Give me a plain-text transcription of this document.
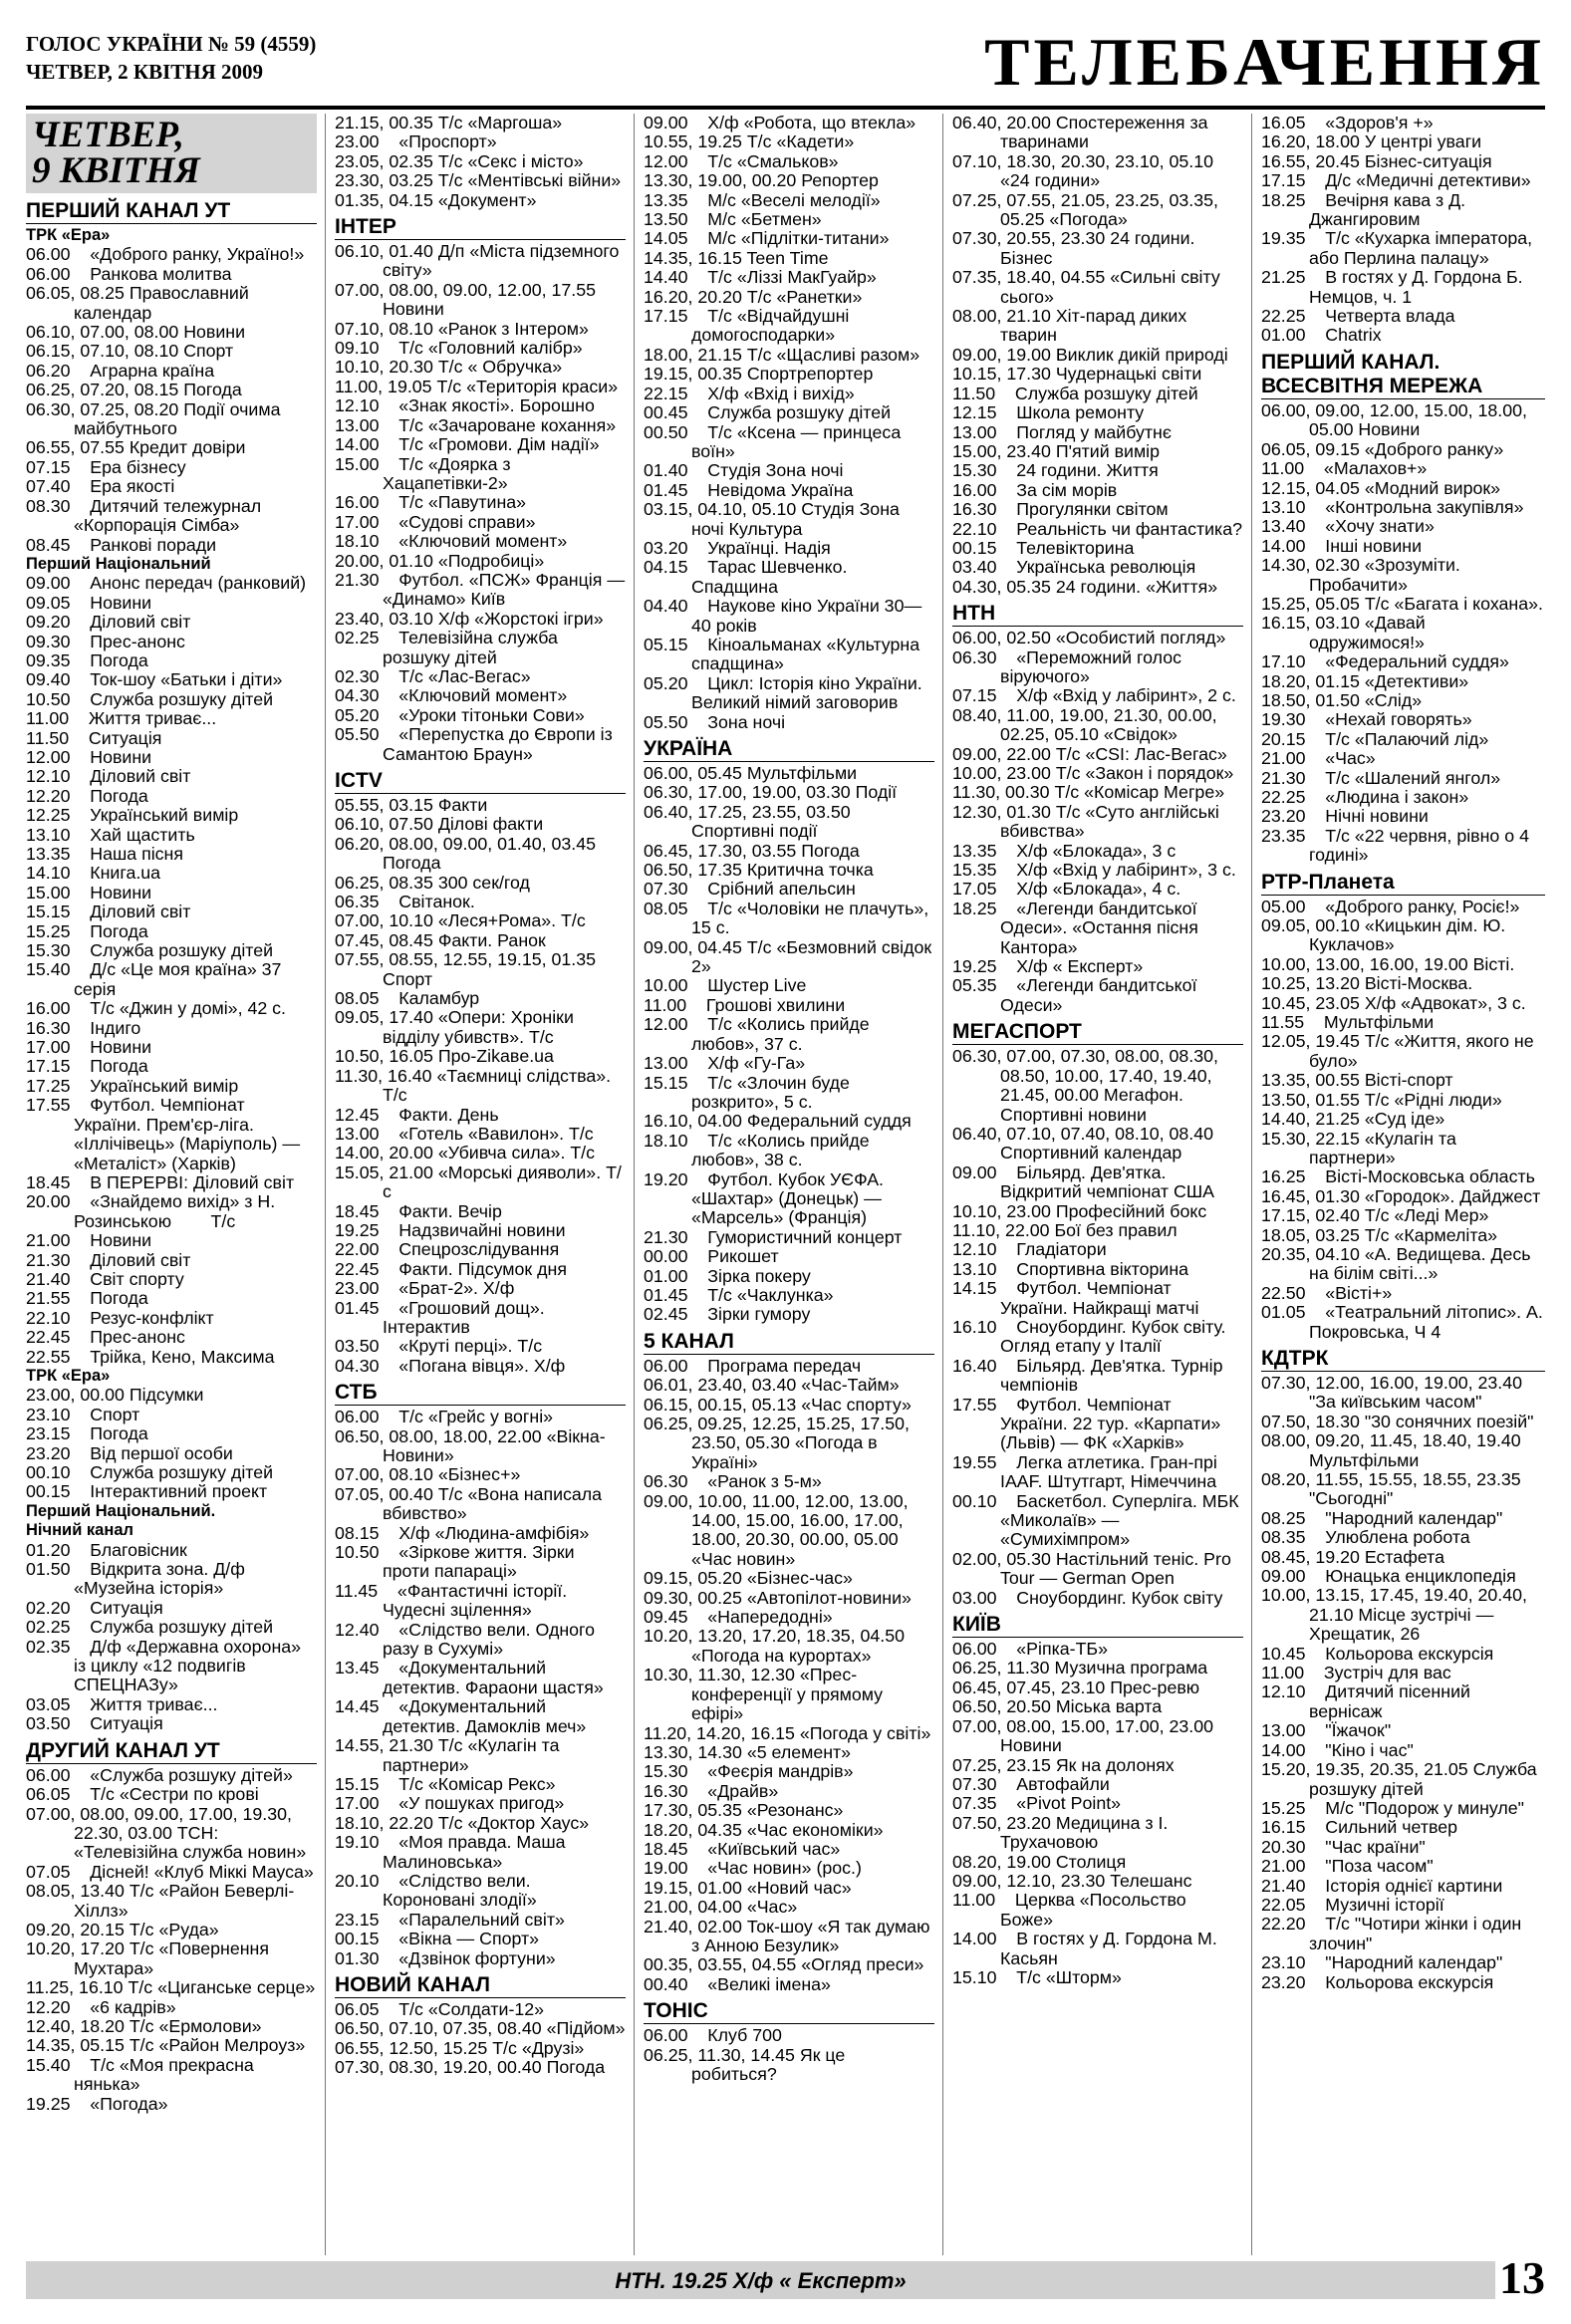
ГОЛОС УКРАЇНИ № 59 (4559)
ЧЕТВЕР, 2 КВІТНЯ 2009	ТЕЛЕБАЧЕННЯ
ЧЕТВЕР,
9 КВІТНЯ
ПЕРШИЙ КАНАЛ УТ
ТРК «Ера»
06.00    «Доброго ранку, Україно!»
06.00    Ранкова молитва
06.05, 08.25 Православний календар
06.10, 07.00, 08.00 Новини
06.15, 07.10, 08.10 Спорт
06.20    Аграрна країна
06.25, 07.20, 08.15 Погода
06.30, 07.25, 08.20 Події очима майбутнього
06.55, 07.55 Кредит довіри
07.15    Ера бізнесу
07.40    Ера якості
08.30    Дитячий тележурнал «Корпорація Сімба»
08.45    Ранкові поради
Перший Національний
09.00    Анонс передач (ранковий)
09.05    Новини
09.20    Діловий світ
09.30    Прес-анонс
09.35    Погода
09.40    Ток-шоу «Батьки і діти»
10.50    Служба розшуку дітей
11.00    Життя триває...
11.50    Ситуація
12.00    Новини
12.10    Діловий світ
12.20    Погода
12.25    Український вимір
13.10    Хай щастить
13.35    Наша пісня
14.10    Книга.ua
15.00    Новини
15.15    Діловий світ
15.25    Погода
15.30    Служба розшуку дітей
15.40    Д/с «Це моя країна» 37 серія
16.00    Т/с «Джин у домі», 42 с.
16.30    Індиго
17.00    Новини
17.15    Погода
17.25    Український вимір
17.55    Футбол. Чемпіонат України. Прем'єр-ліга. «Іллічівець» (Маріуполь) — «Металіст» (Харків)
18.45    В ПЕРЕРВІ: Діловий світ
20.00    «Знайдемо вихід» з Н. Розинською        Т/с
21.00    Новини
21.30    Діловий світ
21.40    Світ спорту
21.55    Погода
22.10    Резус-конфлікт
22.45    Прес-анонс
22.55    Трійка, Кено, Максима
ТРК «Ера»
23.00, 00.00 Підсумки
23.10    Спорт
23.15    Погода
23.20    Від першої особи
00.10    Служба розшуку дітей
00.15    Інтерактивний проект
Перший Національний.
Нічний канал
01.20    Благовісник
01.50    Відкрита зона. Д/ф «Музейна історія»
02.20    Ситуація
02.25    Служба розшуку дітей
02.35    Д/ф «Державна охорона» із циклу «12 подвигів СПЕЦНАЗу»
03.05    Життя триває...
03.50    Ситуація
ДРУГИЙ КАНАЛ УТ
06.00    «Служба розшуку дітей»
06.05    Т/с «Сестри по крові
07.00, 08.00, 09.00, 17.00, 19.30, 22.30, 03.00 ТСН: «Телевізійна служба новин»
07.05    Дісней! «Клуб Міккі Мауса»
08.05, 13.40 Т/с «Район Беверлі-Хіллз»
09.20, 20.15 Т/с «Руда»
10.20, 17.20 Т/с «Повернення Мухтара»
11.25, 16.10 Т/с «Циганське серце»
12.20    «6 кадрів»
12.40, 18.20 Т/с «Ермолови»
14.35, 05.15 Т/с «Район Мелроуз»
15.40    Т/с «Моя прекрасна нянька»
19.25    «Погода»
21.15, 00.35 Т/с «Маргоша»
23.00    «Проспорт»
23.05, 02.35 Т/с «Секс і місто»
23.30, 03.25 Т/с «Ментівські війни»
01.35, 04.15 «Документ»
ІНТЕР
06.10, 01.40 Д/п «Міста підземного світу»
07.00, 08.00, 09.00, 12.00, 17.55 Новини
07.10, 08.10 «Ранок з Інтером»
09.10    Т/с «Головний калібр»
10.10, 20.30 Т/с « Обручка»
11.00, 19.05 Т/с «Територія краси»
12.10    «Знак якості». Борошно
13.00    Т/с «Зачароване кохання»
14.00    Т/с «Громови. Дім надії»
15.00    Т/с «Доярка з Хацапетівки-2»
16.00    Т/с «Павутина»
17.00    «Судові справи»
18.10    «Ключовий момент»
20.00, 01.10 «Подробиці»
21.30    Футбол. «ПСЖ» Франція — «Динамо» Київ
23.40, 03.10 Х/ф «Жорстокі ігри»
02.25    Телевізійна служба розшуку дітей
02.30    Т/с «Лас-Вегас»
04.30    «Ключовий момент»
05.20    «Уроки тітоньки Сови»
05.50    «Перепустка до Європи із Самантою Браун»
ICTV
05.55, 03.15 Факти
06.10, 07.50 Ділові факти
06.20, 08.00, 09.00, 01.40, 03.45 Погода
06.25, 08.35 300 сек/год
06.35    Світанок.
07.00, 10.10 «Леся+Рома». Т/с
07.45, 08.45 Факти. Ранок
07.55, 08.55, 12.55, 19.15, 01.35 Спорт
08.05    Каламбур
09.05, 17.40 «Опери: Хроніки відділу убивств». Т/с
10.50, 16.05 Про-Zikaвe.ua
11.30, 16.40 «Таємниці слідства». Т/с
12.45    Факти. День
13.00    «Готель «Вавилон». Т/с
14.00, 20.00 «Убивча сила». Т/с
15.05, 21.00 «Морські дияволи». Т/с
18.45    Факти. Вечір
19.25    Надзвичайні новини
22.00    Спецрозслідування
22.45    Факти. Підсумок дня
23.00    «Брат-2». Х/ф
01.45    «Грошовий дощ». Інтерактив
03.50    «Круті перці». Т/с
04.30    «Погана вівця». Х/ф
СТБ
06.00    Т/с «Грейс у вогні»
06.50, 08.00, 18.00, 22.00 «Вікна-Новини»
07.00, 08.10 «Бізнес+»
07.05, 00.40 Т/с «Вона написала вбивство»
08.15    Х/ф «Людина-амфібія»
10.50    «Зіркове життя. Зірки проти папараці»
11.45    «Фантастичні історії. Чудесні зцілення»
12.40    «Слідство вели. Одного разу в Сухумі»
13.45    «Документальний детектив. Фараони щастя»
14.45    «Документальний детектив. Дамоклів меч»
14.55, 21.30 Т/с «Кулагін та партнери»
15.15    Т/с «Комісар Рекс»
17.00    «У пошуках пригод»
18.10, 22.20 Т/с «Доктор Хаус»
19.10    «Моя правда. Маша Малиновська»
20.10    «Слідство вели. Короновані злодії»
23.15    «Паралельний світ»
00.15    «Вікна — Спорт»
01.30    «Дзвінок фортуни»
НОВИЙ КАНАЛ
06.05    Т/с «Солдати-12»
06.50, 07.10, 07.35, 08.40 «Підйом»
06.55, 12.50, 15.25 Т/с «Друзі»
07.30, 08.30, 19.20, 00.40 Погода
09.00    Х/ф «Робота, що втекла»
10.55, 19.25 Т/с «Кадети»
12.00    Т/с «Смальков»
13.30, 19.00, 00.20 Репортер
13.35    М/с «Веселі мелодії»
13.50    М/с «Бетмен»
14.05    М/с «Підлітки-титани»
14.35, 16.15 Teen Time
14.40    Т/с «Ліззі МакГуайр»
16.20, 20.20 Т/с «Ранетки»
17.15    Т/с «Відчайдушні домогосподарки»
18.00, 21.15 Т/с «Щасливі разом»
19.15, 00.35 Спортрепортер
22.15    Х/ф «Вхід і вихід»
00.45    Служба розшуку дітей
00.50    Т/с «Ксена — принцеса воїн»
01.40    Студія Зона ночі
01.45    Невідома Україна
03.15, 04.10, 05.10 Студія Зона ночі Культура
03.20    Українці. Надія
04.15    Тарас Шевченко. Спадщина
04.40    Наукове кіно України 30—40 років
05.15    Кіноальманах «Культурна спадщина»
05.20    Цикл: Історія кіно України. Великий німий заговорив
05.50    Зона ночі
УКРАЇНА
06.00, 05.45 Мультфільми
06.30, 17.00, 19.00, 03.30 Події
06.40, 17.25, 23.55, 03.50 Спортивні події
06.45, 17.30, 03.55 Погода
06.50, 17.35 Критична точка
07.30    Срібний апельсин
08.05    Т/с «Чоловіки не плачуть», 15 с.
09.00, 04.45 Т/с «Безмовний свідок 2»
10.00    Шустер Live
11.00    Грошові хвилини
12.00    Т/с «Колись прийде любов», 37 с.
13.00    Х/ф «Гу-Га»
15.15    Т/с «Злочин буде розкрито», 5 с.
16.10, 04.00 Федеральний суддя
18.10    Т/с «Колись прийде любов», 38 с.
19.20    Футбол. Кубок УЄФА. «Шахтар» (Донецьк) — «Марсель» (Франція)
21.30    Гумористичний концерт
00.00    Рикошет
01.00    Зірка покеру
01.45    Т/с «Чаклунка»
02.45    Зірки гумору
5 КАНАЛ
06.00    Програма передач
06.01, 23.40, 03.40 «Час-Тайм»
06.15, 00.15, 05.13 «Час спорту»
06.25, 09.25, 12.25, 15.25, 17.50, 23.50, 05.30 «Погода в Україні»
06.30    «Ранок з 5-м»
09.00, 10.00, 11.00, 12.00, 13.00, 14.00, 15.00, 16.00, 17.00, 18.00, 20.30, 00.00, 05.00 «Час новин»
09.15, 05.20 «Бізнес-час»
09.30, 00.25 «Автопілот-новини»
09.45    «Напередодні»
10.20, 13.20, 17.20, 18.35, 04.50 «Погода на курортах»
10.30, 11.30, 12.30 «Прес-конференції у прямому ефірі»
11.20, 14.20, 16.15 «Погода у світі»
13.30, 14.30 «5 елемент»
15.30    «Феєрія мандрів»
16.30    «Драйв»
17.30, 05.35 «Резонанс»
18.20, 04.35 «Час економіки»
18.45    «Київський час»
19.00    «Час новин» (рос.)
19.15, 01.00 «Новий час»
21.00, 04.00 «Час»
21.40, 02.00 Ток-шоу «Я так думаю з Анною Безулик»
00.35, 03.55, 04.55 «Огляд преси»
00.40    «Великі імена»
ТОНІС
06.00    Клуб 700
06.25, 11.30, 14.45 Як це робиться?
06.40, 20.00 Спостереження за тваринами
07.10, 18.30, 20.30, 23.10, 05.10 «24 години»
07.25, 07.55, 21.05, 23.25, 03.35, 05.25 «Погода»
07.30, 20.55, 23.30 24 години. Бізнес
07.35, 18.40, 04.55 «Сильні світу сього»
08.00, 21.10 Хіт-парад диких тварин
09.00, 19.00 Виклик дикій природі
10.15, 17.30 Чудернацькі світи
11.50    Служба розшуку дітей
12.15    Школа ремонту
13.00    Погляд у майбутнє
15.00, 23.40 П'ятий вимір
15.30    24 години. Життя
16.00    За сім морів
16.30    Прогулянки світом
22.10    Реальність чи фантастика?
00.15    Телевікторина
03.40    Українська революція
04.30, 05.35 24 години. «Життя»
НТН
06.00, 02.50 «Особистий погляд»
06.30    «Переможний голос віруючого»
07.15    Х/ф «Вхід у лабіринт», 2 с.
08.40, 11.00, 19.00, 21.30, 00.00, 02.25, 05.10 «Свідок»
09.00, 22.00 Т/с «CSI: Лас-Вегас»
10.00, 23.00 Т/с «Закон і порядок»
11.30, 00.30 Т/с «Комісар Мегре»
12.30, 01.30 Т/с «Суто англійські вбивства»
13.35    Х/ф «Блокада», 3 с
15.35    Х/ф «Вхід у лабіринт», 3 с.
17.05    Х/ф «Блокада», 4 с.
18.25    «Легенди бандитської Одеси». «Остання пісня Кантора»
19.25    Х/ф « Експерт»
05.35    «Легенди бандитської Одеси»
МЕГАСПОРТ
06.30, 07.00, 07.30, 08.00, 08.30, 08.50, 10.00, 17.40, 19.40, 21.45, 00.00 Мегафон. Спортивні новини
06.40, 07.10, 07.40, 08.10, 08.40 Спортивний календар
09.00    Більярд. Дев'ятка. Відкритий чемпіонат США
10.10, 23.00 Професійний бокс
11.10, 22.00 Бої без правил
12.10    Гладіатори
13.10    Спортивна вікторина
14.15    Футбол. Чемпіонат України. Найкращі матчі
16.10    Сноубординг. Кубок світу. Огляд етапу у Італії
16.40    Більярд. Дев'ятка. Турнір чемпіонів
17.55    Футбол. Чемпіонат України. 22 тур. «Карпати» (Львів) — ФК «Харків»
19.55    Легка атлетика. Гран-прі IAAF. Штутгарт, Німеччина
00.10    Баскетбол. Суперліга. МБК «Миколаїв» — «Сумихімпром»
02.00, 05.30 Настільний теніс. Pro Tour — German Open
03.00    Сноубординг. Кубок світу
КИЇВ
06.00    «Ріпка-ТБ»
06.25, 11.30 Музична програма
06.45, 07.45, 23.10 Прес-ревю
06.50, 20.50 Міська варта
07.00, 08.00, 15.00, 17.00, 23.00 Новини
07.25, 23.15 Як на долонях
07.30    Автофайли
07.35    «Pivot Point»
07.50, 23.20 Медицина з І. Трухачовою
08.20, 19.00 Столиця
09.00, 12.10, 23.30 Телешанс
11.00    Церква «Посольство Боже»
14.00    В гостях у Д. Гордона М. Касьян
15.10    Т/с «Шторм»
16.05    «Здоров'я +»
16.20, 18.00 У центрі уваги
16.55, 20.45 Бізнес-ситуація
17.15    Д/с «Медичні детективи»
18.25    Вечірня кава з Д. Джангировим
19.35    Т/с «Кухарка імператора, або Перлина палацу»
21.25    В гостях у Д. Гордона Б. Немцов, ч. 1
22.25    Четверта влада
01.00    Chatrix
ПЕРШИЙ КАНАЛ. ВСЕСВІТНЯ МЕРЕЖА
06.00, 09.00, 12.00, 15.00, 18.00, 05.00 Новини
06.05, 09.15 «Доброго ранку»
11.00    «Малахов+»
12.15, 04.05 «Модний вирок»
13.10    «Контрольна закупівля»
13.40    «Хочу знати»
14.00    Інші новини
14.30, 02.30 «Зрозуміти. Пробачити»
15.25, 05.05 Т/с «Багата і кохана».
16.15, 03.10 «Давай одружимося!»
17.10    «Федеральний суддя»
18.20, 01.15 «Детективи»
18.50, 01.50 «Слід»
19.30    «Нехай говорять»
20.15    Т/с «Палаючий лід»
21.00    «Час»
21.30    Т/с «Шалений янгол»
22.25    «Людина і закон»
23.20    Нічні новини
23.35    Т/с «22 червня, рівно о 4 годині»
РТР-Планета
05.00    «Доброго ранку, Росіє!»
09.05, 00.10 «Кицькин дім. Ю. Куклачов»
10.00, 13.00, 16.00, 19.00 Вісті.
10.25, 13.20 Вісті-Москва.
10.45, 23.05 Х/ф «Адвокат», 3 с.
11.55    Мультфільми
12.05, 19.45 Т/с «Життя, якого не було»
13.35, 00.55 Вісті-спорт
13.50, 01.55 Т/с «Рідні люди»
14.40, 21.25 «Суд іде»
15.30, 22.15 «Кулагін та партнери»
16.25    Вісті-Московська область
16.45, 01.30 «Городок». Дайджест
17.15, 02.40 Т/с «Леді Мер»
18.05, 03.25 Т/с «Кармеліта»
20.35, 04.10 «А. Ведищева. Десь на білім світі...»
22.50    «Вісті+»
01.05    «Театральний літопис». А. Покровська, Ч 4
КДТРК
07.30, 12.00, 16.00, 19.00, 23.40 "За київським часом"
07.50, 18.30 "30 сонячних поезій"
08.00, 09.20, 11.45, 18.40, 19.40 Мультфільми
08.20, 11.55, 15.55, 18.55, 23.35 "Сьогодні"
08.25    "Народний календар"
08.35    Улюблена робота
08.45, 19.20 Естафета
09.00    Юнацька енциклопедія
10.00, 13.15, 17.45, 19.40, 20.40, 21.10 Місце зустрічі — Хрещатик, 26
10.45    Кольорова екскурсія
11.00    Зустріч для вас
12.10    Дитячий пісенний вернісаж
13.00    "Їжачок"
14.00    "Кіно і час"
15.20, 19.35, 20.35, 21.05 Служба розшуку дітей
15.25    М/с "Подорож у минуле"
16.15    Сильний четвер
20.30    "Час країни"
21.00    "Поза часом"
21.40    Історія однієї картини
22.05    Музичні історії
22.20    Т/с "Чотири жінки і один злочин"
23.10    "Народний календар"
23.20    Кольорова екскурсія
НТН. 19.25 Х/ф « Експерт»	13
